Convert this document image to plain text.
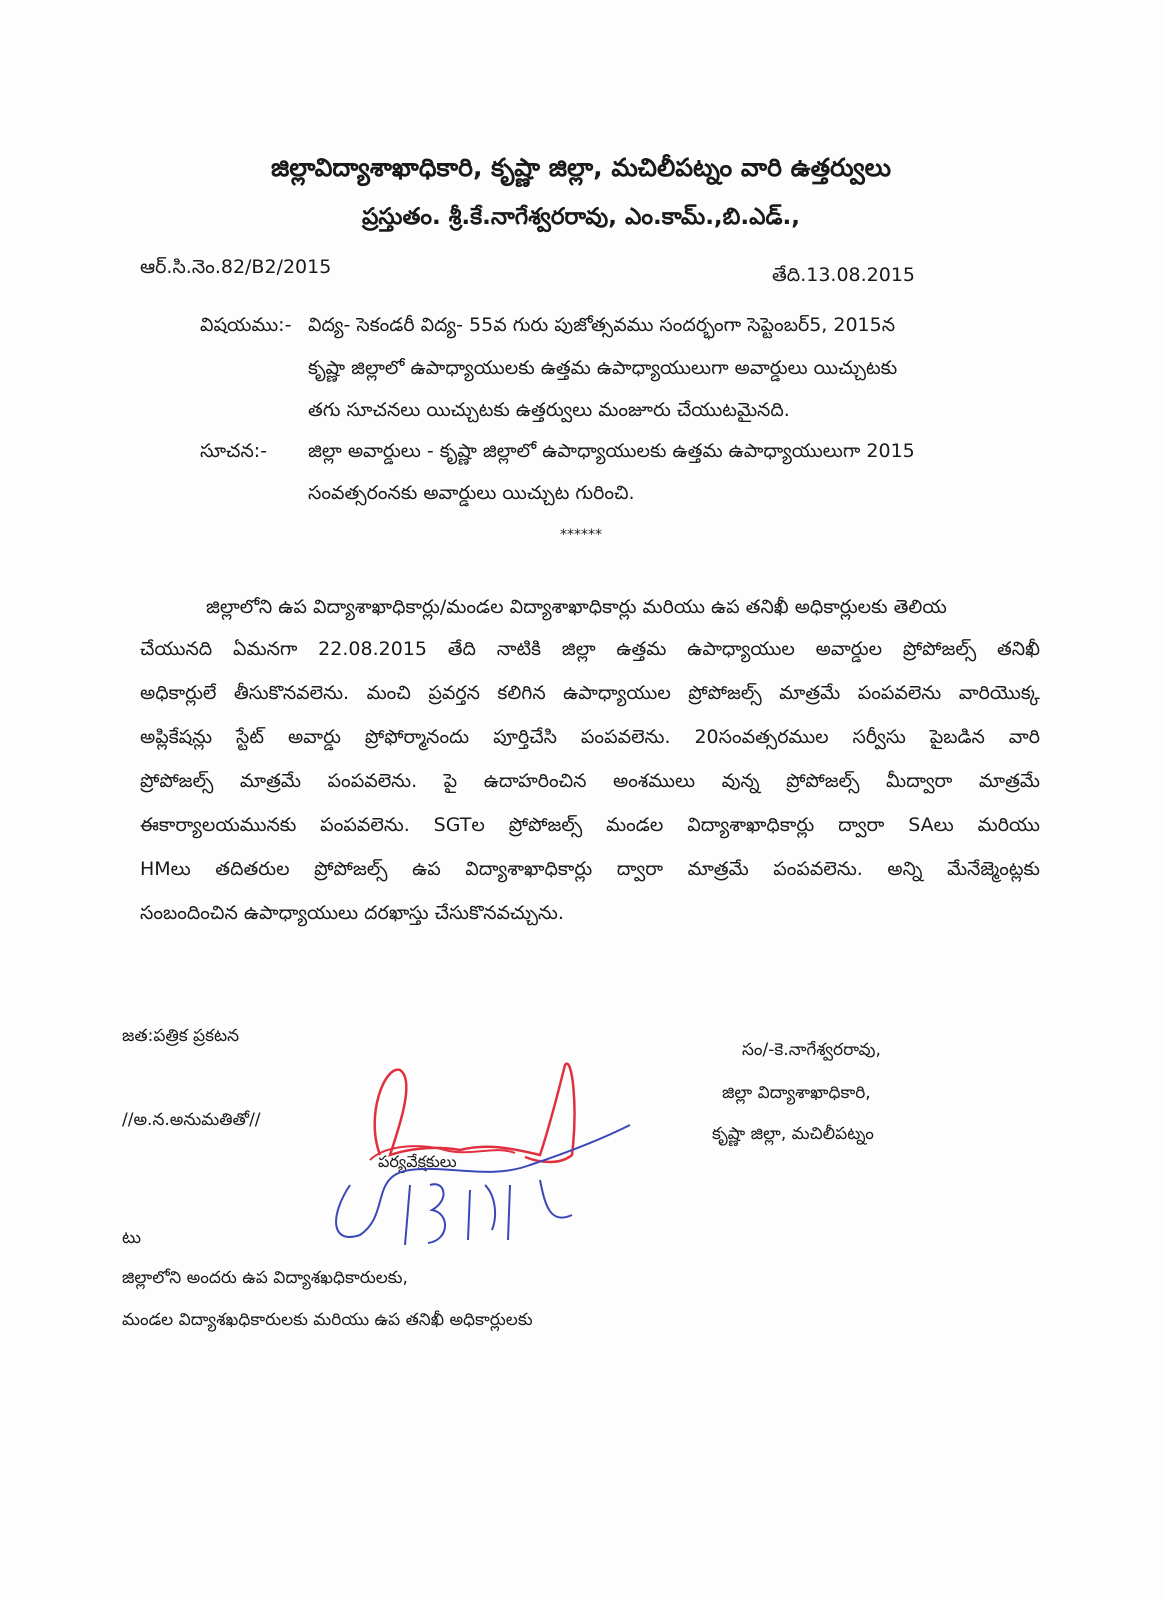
జిల్లావిద్యాశాఖాధికారి, కృష్ణా జిల్లా, మచిలీపట్నం వారి ఉత్తర్వులు
ప్రస్తుతం. శ్రీ.కే.నాగేశ్వరరావు, ఎం.కామ్.,బి.ఎడ్.,
ఆర్.సి.నెం.82/B2/2015	తేది.13.08.2015
విషయము:- విద్య- సెకండరీ విద్య- 55వ గురు పుజోత్సవము సందర్భంగా సెప్టెంబర్5, 2015న
కృష్ణా జిల్లాలో ఉపాధ్యాయులకు ఉత్తమ ఉపాధ్యాయులుగా అవార్డులు యిచ్చుటకు
తగు సూచనలు యిచ్చుటకు ఉత్తర్వులు మంజూరు చేయుటమైనది.
సూచన:- జిల్లా అవార్డులు - కృష్ణా జిల్లాలో ఉపాధ్యాయులకు ఉత్తమ ఉపాధ్యాయులుగా 2015
సంవత్సరంనకు అవార్డులు యిచ్చుట గురించి.
******
జిల్లాలోని ఉప విద్యాశాఖాధికార్లు/మండల విద్యాశాఖాధికార్లు మరియు ఉప తనిఖీ అధికార్లులకు తెలియ
చేయునది ఏమనగా 22.08.2015 తేది నాటికి జిల్లా ఉత్తమ ఉపాధ్యాయుల అవార్డుల ప్రోపోజల్స్ తనిఖీ
అధికార్లులే తీసుకొనవలెను. మంచి ప్రవర్తన కలిగిన ఉపాధ్యాయుల ప్రోపోజల్స్ మాత్రమే పంపవలెను వారియొక్క
అప్లికేషన్లు స్టేట్ అవార్డు ప్రోఫోర్మానందు పూర్తిచేసి పంపవలెను. 20సంవత్సరముల సర్వీసు పైబడిన వారి
ప్రోపోజల్స్ మాత్రమే పంపవలెను. పై ఉదాహరించిన అంశములు వున్న ప్రోపోజల్స్ మీద్వారా మాత్రమే
ఈకార్యాలయమునకు పంపవలెను. SGTల ప్రోపోజల్స్ మండల విద్యాశాఖాధికార్లు ద్వారా SAలు మరియు
HMలు తదితరుల ప్రోపోజల్స్ ఉప విద్యాశాఖాధికార్లు ద్వారా మాత్రమే పంపవలెను. అన్ని మేనేజ్మెంట్లకు
సంబందించిన ఉపాధ్యాయులు దరఖాస్తు చేసుకొనవచ్చును.
జత:పత్రిక ప్రకటన
//అ.న.అనుమతితో//
పర్యవేక్షకులు
సం/-కె.నాగేశ్వరరావు,
జిల్లా విద్యాశాఖాధికారి,
కృష్ణా జిల్లా, మచిలీపట్నం
టు
జిల్లాలోని అందరు ఉప విద్యాశఖధికారులకు,
మండల విద్యాశఖధికారులకు మరియు ఉప తనిఖీ అధికార్లులకు
